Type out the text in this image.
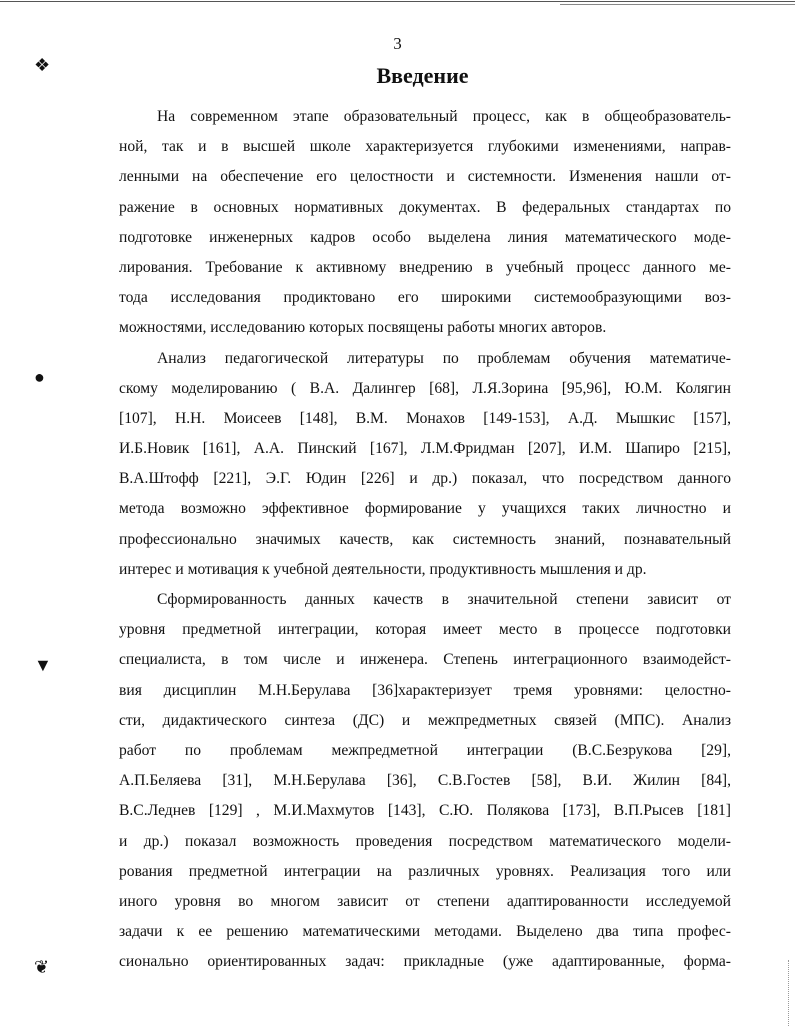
❖
●
▼
❦
3
Введение
На современном этапе образовательный процесс, как в общеобразователь-
ной, так и в высшей школе характеризуется глубокими изменениями, направ-
ленными на обеспечение его целостности и системности. Изменения нашли от-
ражение в основных нормативных документах. В федеральных стандартах по
подготовке инженерных кадров особо выделена линия математического моде-
лирования. Требование к активному внедрению в учебный процесс данного ме-
тода исследования продиктовано его широкими системообразующими воз-
можностями, исследованию которых посвящены работы многих авторов.
Анализ педагогической литературы по проблемам обучения математиче-
скому моделированию ( В.А. Далингер [68], Л.Я.Зорина [95,96], Ю.М. Колягин
[107], Н.Н. Моисеев [148], В.М. Монахов [149-153], А.Д. Мышкис [157],
И.Б.Новик [161], А.А. Пинский [167], Л.М.Фридман [207], И.М. Шапиро [215],
В.А.Штофф [221], Э.Г. Юдин [226] и др.) показал, что посредством данного
метода возможно эффективное формирование у учащихся таких личностно и
профессионально значимых качеств, как системность знаний, познавательный
интерес и мотивация к учебной деятельности, продуктивность мышления и др.
Сформированность данных качеств в значительной степени зависит от
уровня предметной интеграции, которая имеет место в процессе подготовки
специалиста, в том числе и инженера. Степень интеграционного взаимодейст-
вия дисциплин М.Н.Берулава [36]характеризует тремя уровнями: целостно-
сти, дидактического синтеза (ДС) и межпредметных связей (МПС). Анализ
работ по проблемам межпредметной интеграции (В.С.Безрукова [29],
А.П.Беляева [31], М.Н.Берулава [36], С.В.Гостев [58], В.И. Жилин [84],
В.С.Леднев [129] , М.И.Махмутов [143], С.Ю. Полякова [173], В.П.Рысев [181]
и др.) показал возможность проведения посредством математического модели-
рования предметной интеграции на различных уровнях. Реализация того или
иного уровня во многом зависит от степени адаптированности исследуемой
задачи к ее решению математическими методами. Выделено два типа профес-
сионально ориентированных задач: прикладные (уже адаптированные, форма-
